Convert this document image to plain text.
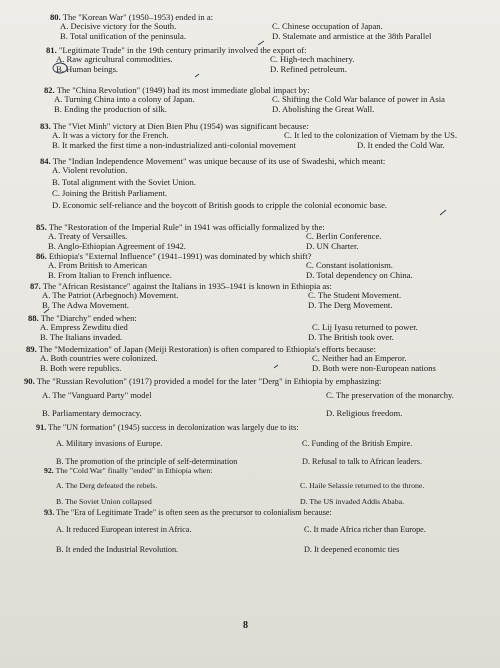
80. The "Korean War" (1950–1953) ended in a:
A. Decisive victory for the South.
B. Total unification of the peninsula.
C. Chinese occupation of Japan.
D. Stalemate and armistice at the 38th Parallel
81. "Legitimate Trade" in the 19th century primarily involved the export of:
A. Raw agricultural commodities.
B. Human beings.
C. High-tech machinery.
D. Refined petroleum.
82. The "China Revolution" (1949) had its most immediate global impact by:
A. Turning China into a colony of Japan.
B. Ending the production of silk.
C. Shifting the Cold War balance of power in Asia
D. Abolishing the Great Wall.
83. The "Viet Minh" victory at Dien Bien Phu (1954) was significant because:
A. It was a victory for the French.
B. It marked the first time a non-industrialized anti-colonial movement
C. It led to the colonization of Vietnam by the US.
D. It ended the Cold War.
84. The "Indian Independence Movement" was unique because of its use of Swadeshi, which meant:
A. Violent revolution.
B. Total alignment with the Soviet Union.
C. Joining the British Parliament.
D. Economic self-reliance and the boycott of British goods to cripple the colonial economic base.
85. The "Restoration of the Imperial Rule" in 1941 was officially formalized by the:
A. Treaty of Versailles.
B. Anglo-Ethiopian Agreement of 1942.
C. Berlin Conference.
D. UN Charter.
86. Ethiopia's "External Influence" (1941–1991) was dominated by which shift?
A. From British to American
B. From Italian to French influence.
C. Constant isolationism.
D. Total dependency on China.
87. The "African Resistance" against the Italians in 1935–1941 is known in Ethiopia as:
A. The Patriot (Arbegnoch) Movement.
B. The Adwa Movement.
C. The Student Movement.
D. The Derg Movement.
88. The "Diarchy" ended when:
A. Empress Zewditu died
B. The Italians invaded.
C. Lij Iyasu returned to power.
D. The British took over.
89. The "Modernization" of Japan (Meiji Restoration) is often compared to Ethiopia's efforts because:
A. Both countries were colonized.
B. Both were republics.
C. Neither had an Emperor.
D. Both were non-European nations
90. The "Russian Revolution" (1917) provided a model for the later "Derg" in Ethiopia by emphasizing:
A. The "Vanguard Party" model
B. Parliamentary democracy.
C. The preservation of the monarchy.
D. Religious freedom.
91. The "UN formation" (1945) success in decolonization was largely due to its:
A. Military invasions of Europe.
B. The promotion of the principle of self-determination
C. Funding of the British Empire.
D. Refusal to talk to African leaders.
92. The "Cold War" finally "ended" in Ethiopia when:
A. The Derg defeated the rebels.
B. The Soviet Union collapsed
C. Haile Selassie returned to the throne.
D. The US invaded Addis Ababa.
93. The "Era of Legitimate Trade" is often seen as the precursor to colonialism because:
A. It reduced European interest in Africa.
B. It ended the Industrial Revolution.
C. It made Africa richer than Europe.
D. It deepened economic ties
8
